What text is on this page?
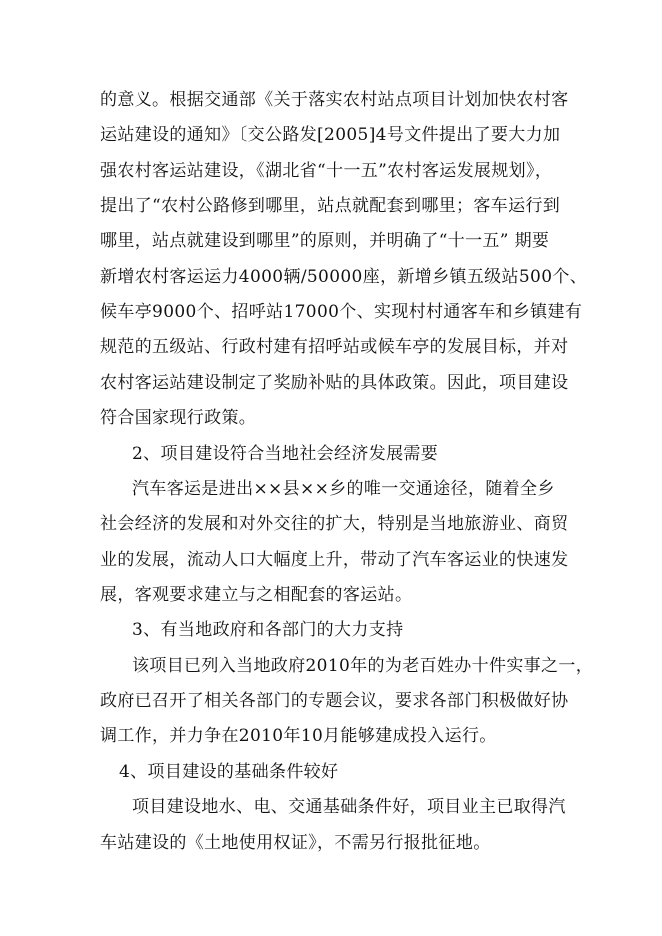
的意义。根据交通部《关于落实农村站点项目计划加快农村客
运站建设的通知》〔交公路发[2005]4号文件提出了要大力加
强农村客运站建设，《湖北省“十一五”农村客运发展规划》，
提出了“农村公路修到哪里，站点就配套到哪里；客车运行到
哪里，站点就建设到哪里”的原则，并明确了“十一五” 期要
新增农村客运运力4000辆/50000座，新增乡镇五级站500个、
候车亭9000个、招呼站17000个、实现村村通客车和乡镇建有
规范的五级站、行政村建有招呼站或候车亭的发展目标，并对
农村客运站建设制定了奖励补贴的具体政策。因此，项目建设
符合国家现行政策。
2、项目建设符合当地社会经济发展需要
汽车客运是进出××县××乡的唯一交通途径，随着全乡
社会经济的发展和对外交往的扩大，特别是当地旅游业、商贸
业的发展，流动人口大幅度上升，带动了汽车客运业的快速发
展，客观要求建立与之相配套的客运站。
3、有当地政府和各部门的大力支持
该项目已列入当地政府2010年的为老百姓办十件实事之一，
政府已召开了相关各部门的专题会议，要求各部门积极做好协
调工作，并力争在2010年10月能够建成投入运行。
4、项目建设的基础条件较好
项目建设地水、电、交通基础条件好，项目业主已取得汽
车站建设的《土地使用权证》，不需另行报批征地。
